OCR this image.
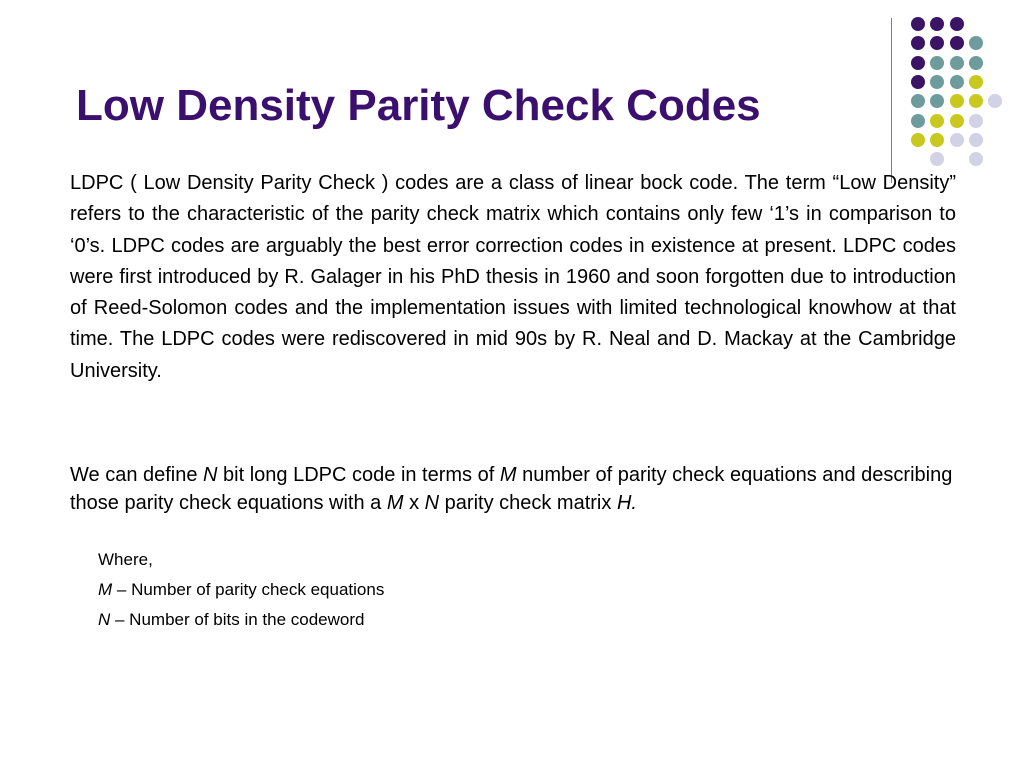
Low Density Parity Check Codes

LDPC ( Low Density Parity Check ) codes are a class of linear bock code. The term “Low Density” refers to the characteristic of the parity check matrix which contains only few ‘1’s in comparison to ‘0’s. LDPC codes are arguably the best error correction codes in existence at present. LDPC codes were first introduced by R. Galager in his PhD thesis in 1960 and soon forgotten due to introduction of Reed-Solomon codes and the implementation issues with limited technological knowhow at that time. The LDPC codes were rediscovered in mid 90s by R. Neal and D. Mackay at the Cambridge University.

We can define N bit long LDPC code in terms of M number of parity check equations and describing those parity check equations with a M x N parity check matrix H.

Where,
M – Number of parity check equations
N – Number of bits in the codeword
